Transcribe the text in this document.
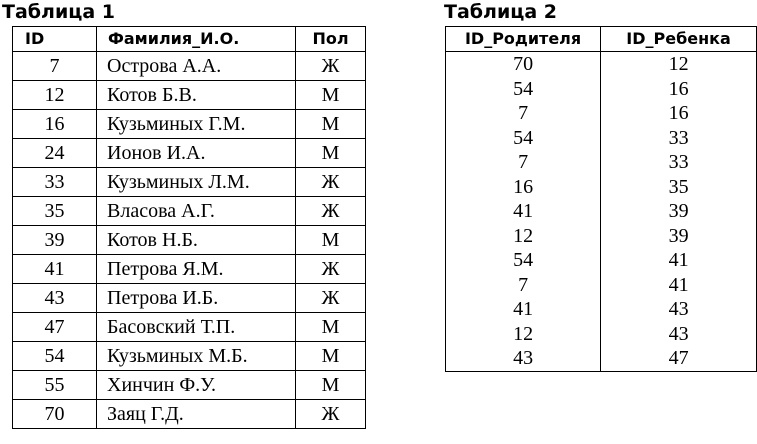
Таблица 1	Таблица 2
ID	Фамилия_И.О.	Пол
7	Острова А.А.	Ж
12	Котов Б.В.	М
16	Кузьминых Г.М.	М
24	Ионов И.А.	М
33	Кузьминых Л.М.	Ж
35	Власова А.Г.	Ж
39	Котов Н.Б.	М
41	Петрова Я.М.	Ж
43	Петрова И.Б.	Ж
47	Басовский Т.П.	М
54	Кузьминых М.Б.	М
55	Хинчин Ф.У.	М
70	Заяц Г.Д.	Ж
ID_Родителя	ID_Ребенка
70	12
54	16
7	16
54	33
7	33
16	35
41	39
12	39
54	41
7	41
41	43
12	43
43	47
